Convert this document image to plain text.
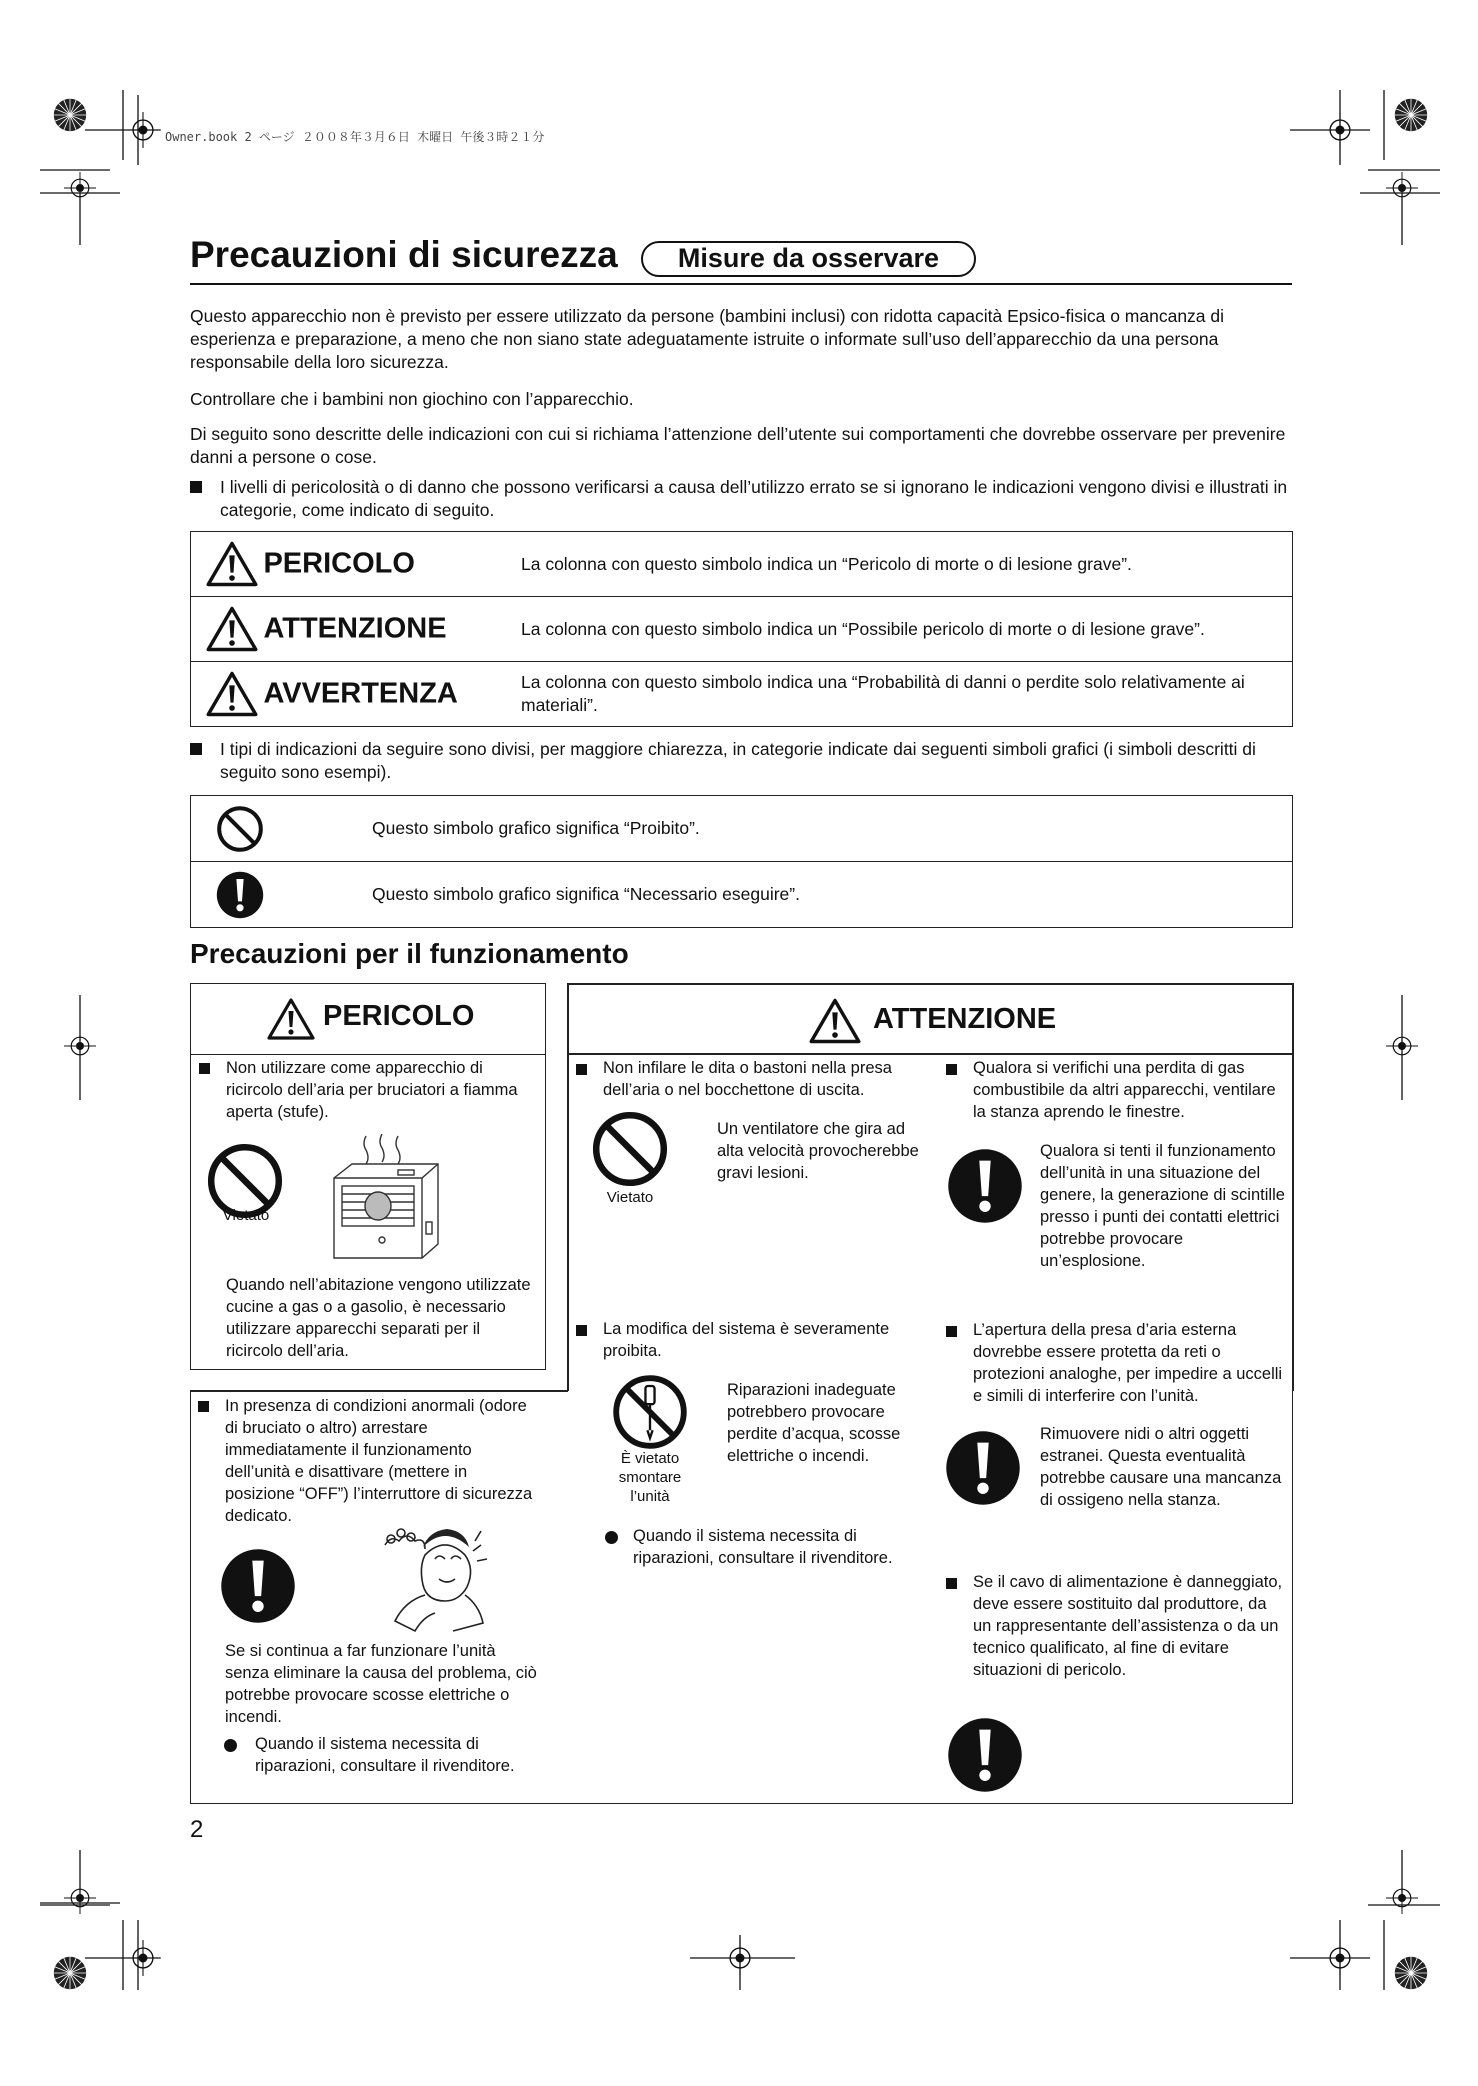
Owner.book 2 ページ ２００８年３月６日 木曜日 午後３時２１分
Precauzioni di sicurezza	Misure da osservare
Questo apparecchio non è previsto per essere utilizzato da persone (bambini inclusi) con ridotta capacità Epsico-fisica o mancanza di esperienza e preparazione, a meno che non siano state adeguatamente istruite o informate sull’uso dell’apparecchio da una persona responsabile della loro sicurezza.
Controllare che i bambini non giochino con l’apparecchio.
Di seguito sono descritte delle indicazioni con cui si richiama l’attenzione dell’utente sui comportamenti che dovrebbe osservare per prevenire danni a persone o cose.
I livelli di pericolosità o di danno che possono verificarsi a causa dell’utilizzo errato se si ignorano le indicazioni vengono divisi e illustrati in categorie, come indicato di seguito.
PERICOLO	La colonna con questo simbolo indica un “Pericolo di morte o di lesione grave”.
ATTENZIONE	La colonna con questo simbolo indica un “Possibile pericolo di morte o di lesione grave”.
AVVERTENZA	La colonna con questo simbolo indica una “Probabilità di danni o perdite solo relativamente ai materiali”.
I tipi di indicazioni da seguire sono divisi, per maggiore chiarezza, in categorie indicate dai seguenti simboli grafici (i simboli descritti di seguito sono esempi).
	Questo simbolo grafico significa “Proibito”.
	Questo simbolo grafico significa “Necessario eseguire”.
Precauzioni per il funzionamento
PERICOLO
Non utilizzare come apparecchio di ricircolo dell’aria per bruciatori a fiamma aperta (stufe).
Vietato
Quando nell’abitazione vengono utilizzate cucine a gas o a gasolio, è necessario utilizzare apparecchi separati per il ricircolo dell’aria.
ATTENZIONE
In presenza di condizioni anormali (odore di bruciato o altro) arrestare immediatamente il funzionamento dell’unità e disattivare (mettere in posizione “OFF”) l’interruttore di sicurezza dedicato.
Se si continua a far funzionare l’unità senza eliminare la causa del problema, ciò potrebbe provocare scosse elettriche o incendi.
Quando il sistema necessita di riparazioni, consultare il rivenditore.
Non infilare le dita o bastoni nella presa dell’aria o nel bocchettone di uscita.
Vietato
Un ventilatore che gira ad alta velocità provocherebbe gravi lesioni.
La modifica del sistema è severamente proibita.
È vietato smontare l’unità
Riparazioni inadeguate potrebbero provocare perdite d’acqua, scosse elettriche o incendi.
Quando il sistema necessita di riparazioni, consultare il rivenditore.
Qualora si verifichi una perdita di gas combustibile da altri apparecchi, ventilare la stanza aprendo le finestre.
Qualora si tenti il funzionamento dell’unità in una situazione del genere, la generazione di scintille presso i punti dei contatti elettrici potrebbe provocare un’esplosione.
L’apertura della presa d’aria esterna dovrebbe essere protetta da reti o protezioni analoghe, per impedire a uccelli e simili di interferire con l’unità.
Rimuovere nidi o altri oggetti estranei. Questa eventualità potrebbe causare una mancanza di ossigeno nella stanza.
Se il cavo di alimentazione è danneggiato, deve essere sostituito dal produttore, da un rappresentante dell’assistenza o da un tecnico qualificato, al fine di evitare situazioni di pericolo.
2
